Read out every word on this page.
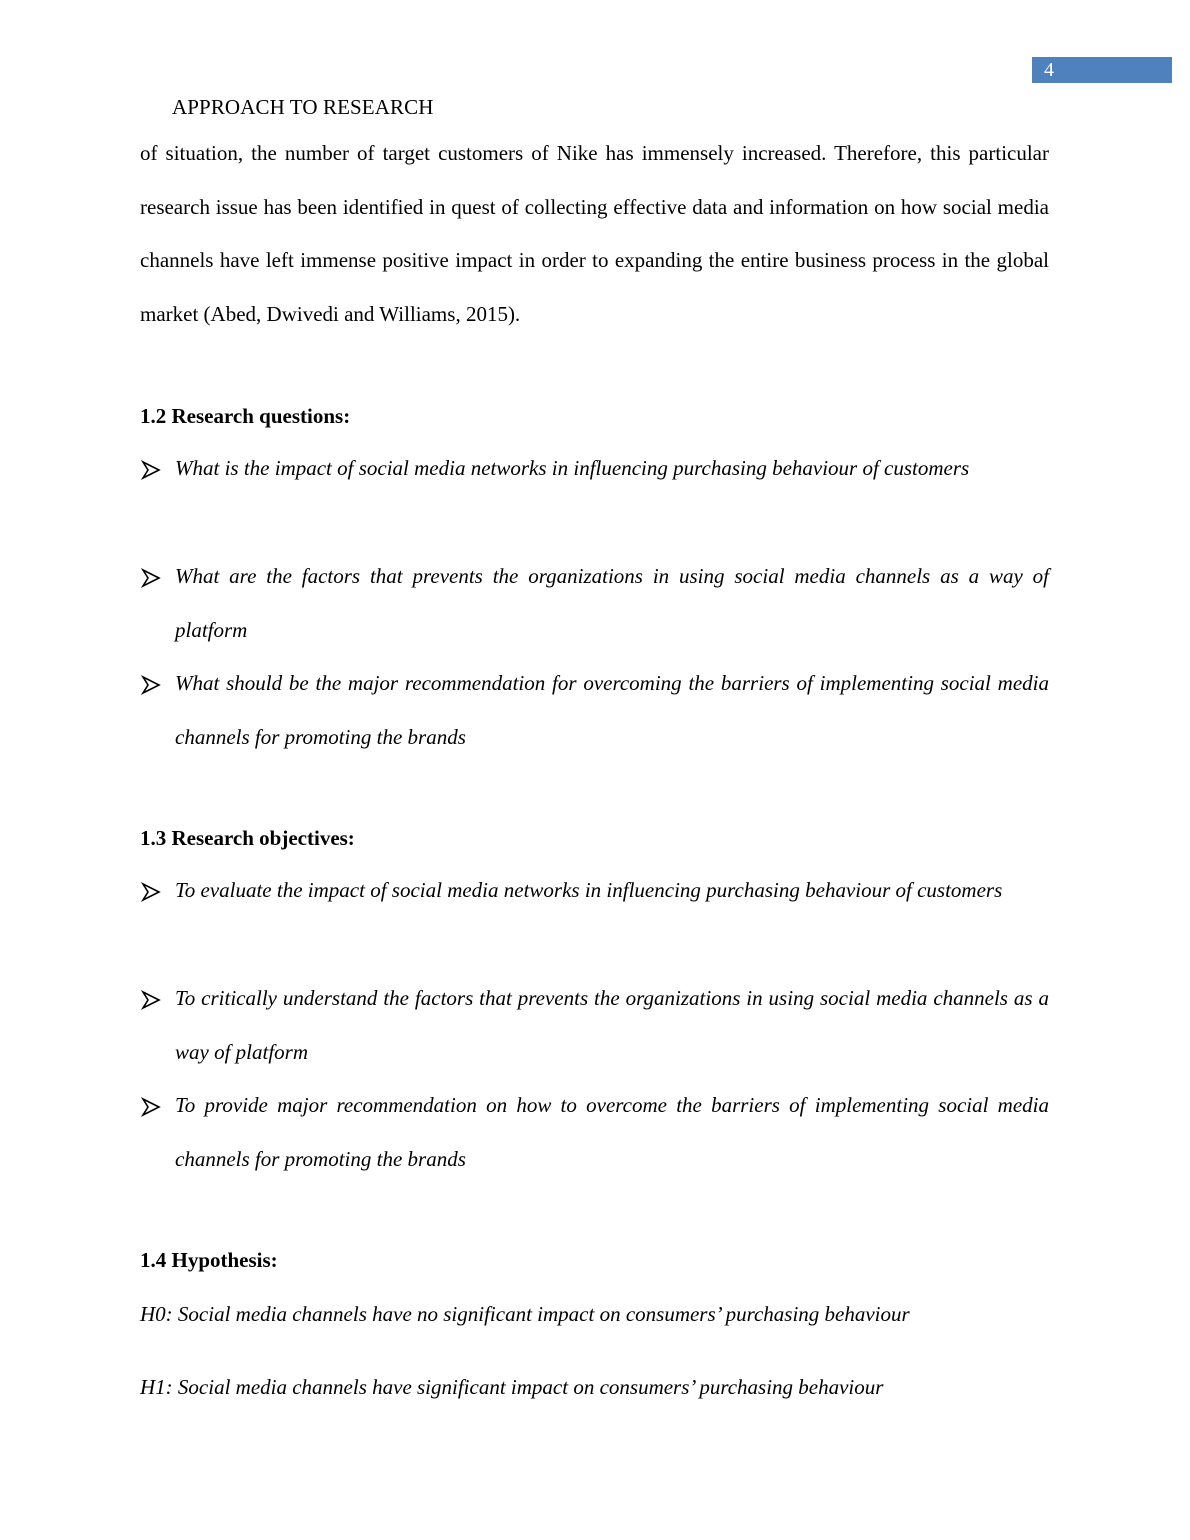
4
APPROACH TO RESEARCH

of situation, the number of target customers of Nike has immensely increased. Therefore, this particular research issue has been identified in quest of collecting effective data and information on how social media channels have left immense positive impact in order to expanding the entire business process in the global market (Abed, Dwivedi and Williams, 2015).

1.2 Research questions:

What is the impact of social media networks in influencing purchasing behaviour of customers

What are the factors that prevents the organizations in using social media channels as a way of platform

What should be the major recommendation for overcoming the barriers of implementing social media channels for promoting the brands

1.3 Research objectives:

To evaluate the impact of social media networks in influencing purchasing behaviour of customers

To critically understand the factors that prevents the organizations in using social media channels as a way of platform

To provide major recommendation on how to overcome the barriers of implementing social media channels for promoting the brands

1.4 Hypothesis:

H0: Social media channels have no significant impact on consumers’ purchasing behaviour

H1: Social media channels have significant impact on consumers’ purchasing behaviour
